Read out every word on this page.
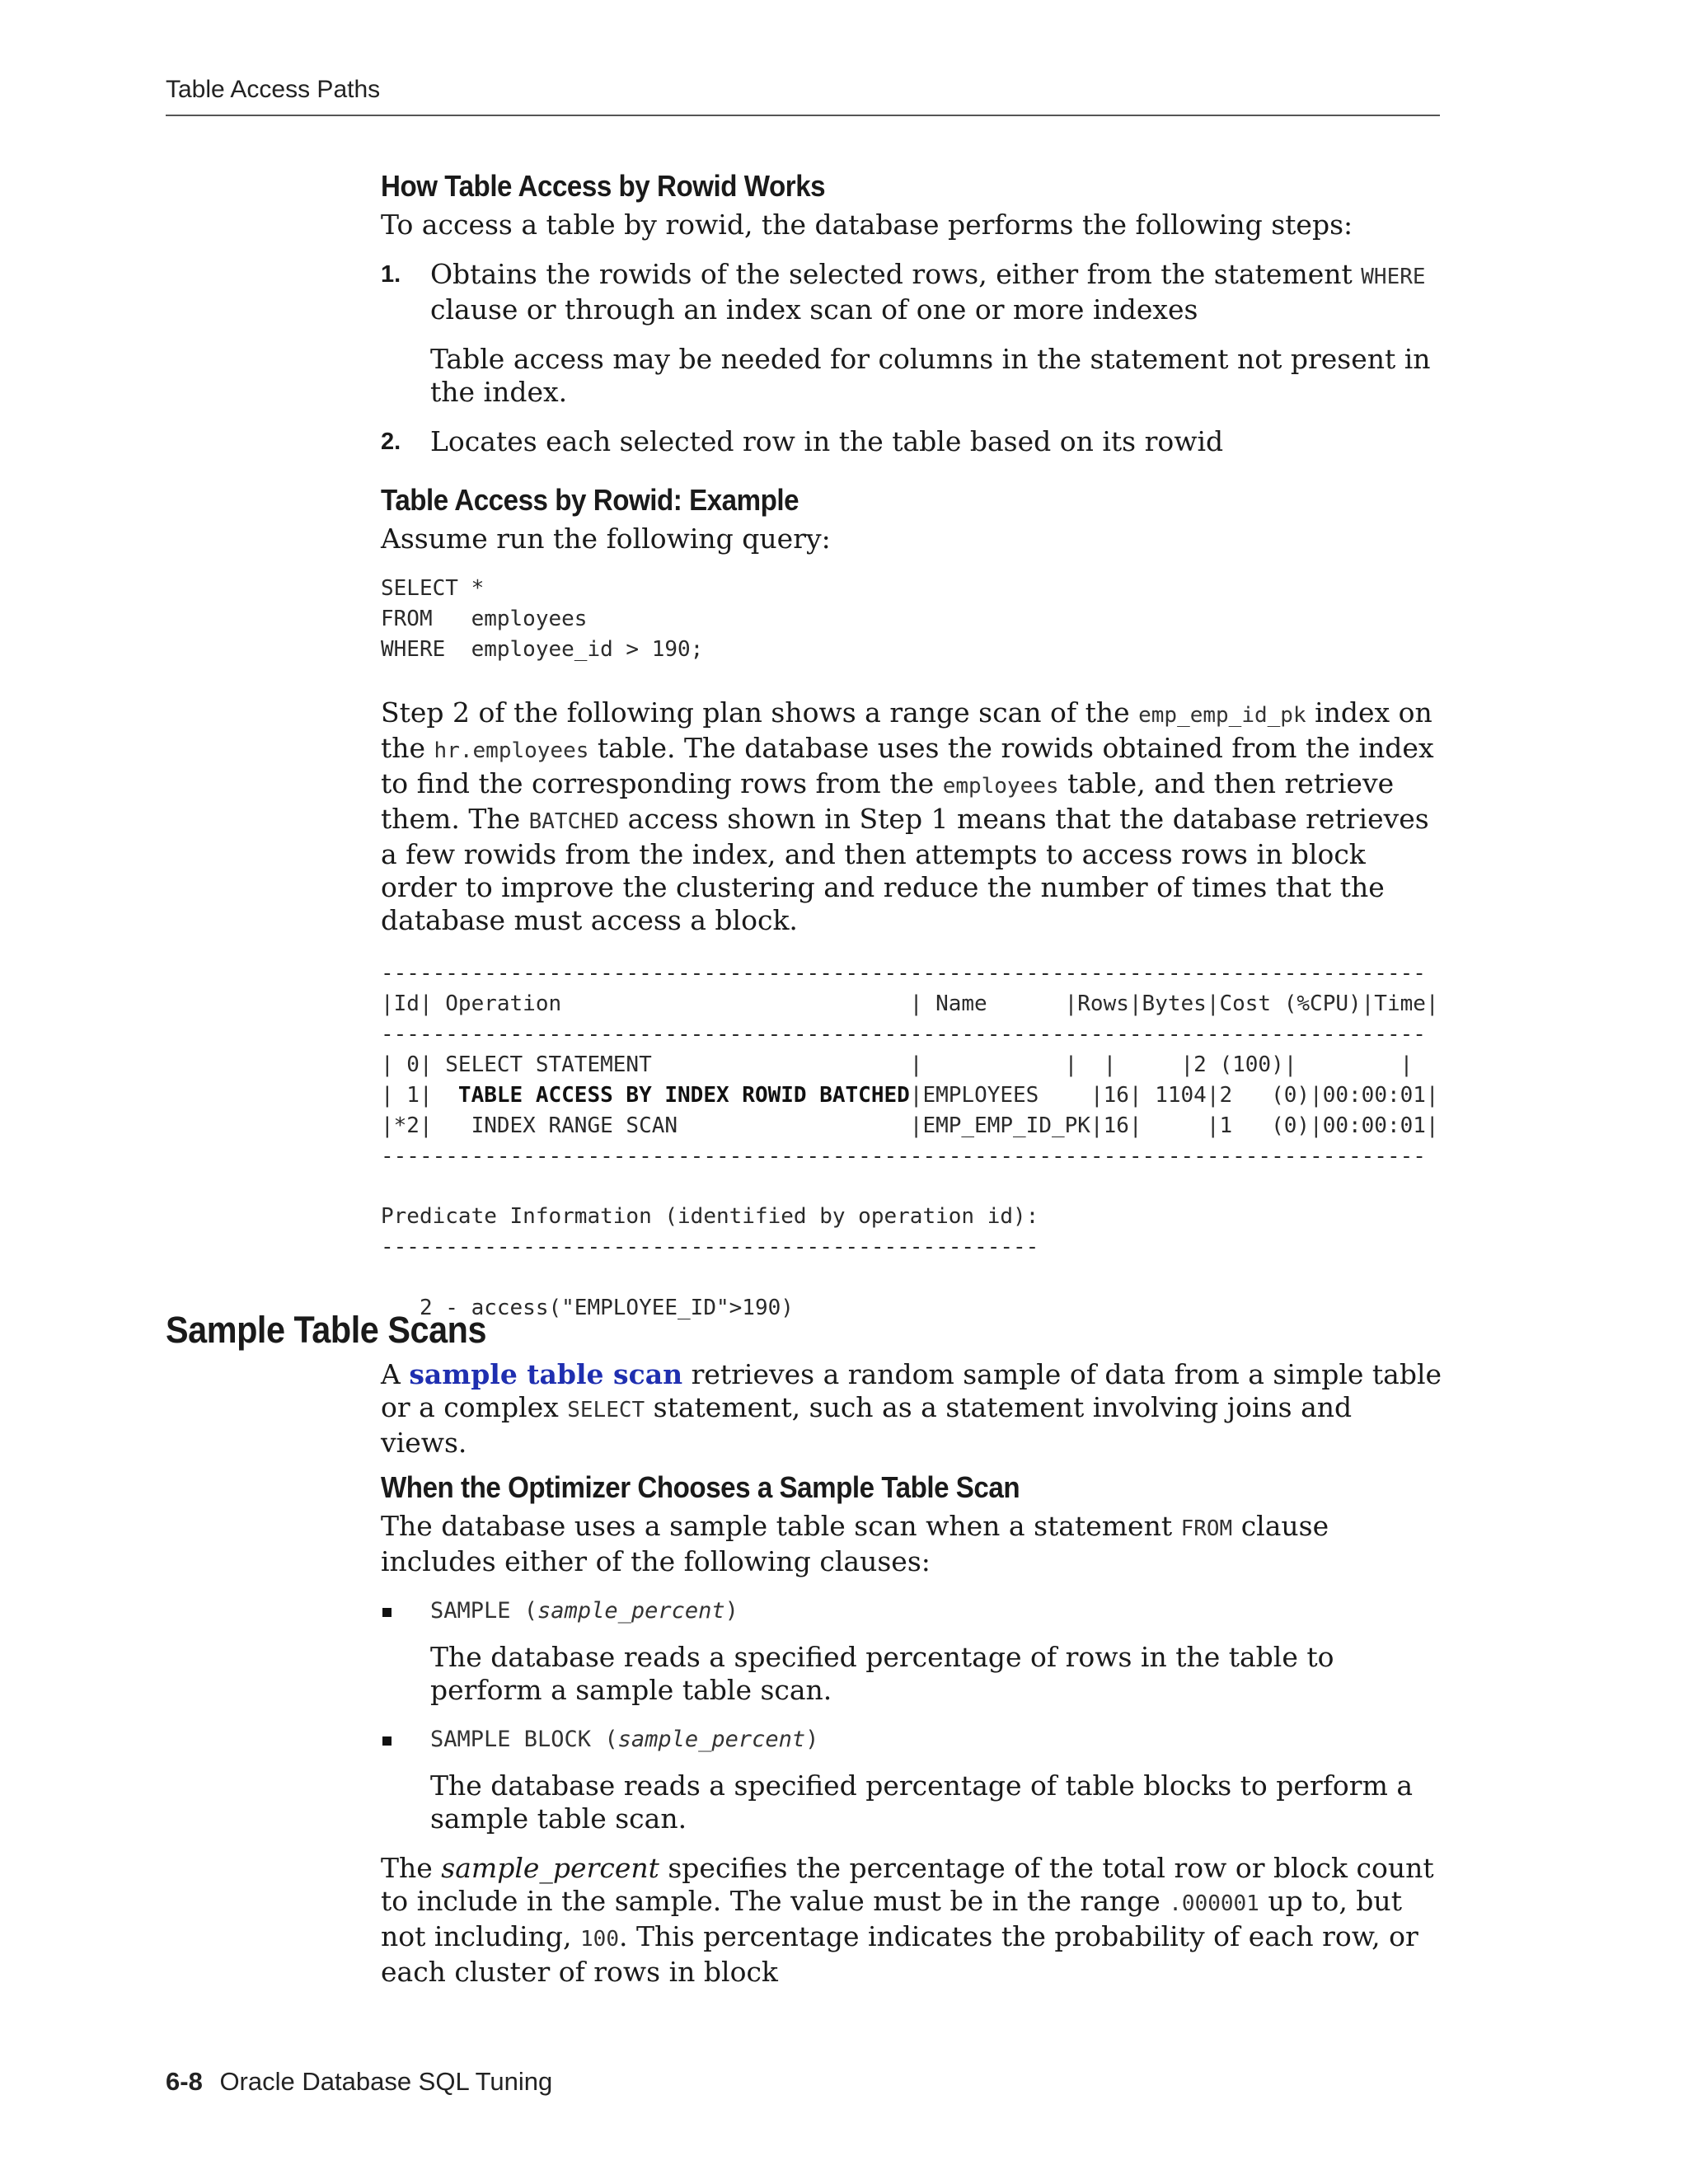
Table Access Paths
How Table Access by Rowid Works

To access a table by rowid, the database performs the following steps:

1. Obtains the rowids of the selected rows, either from the statement WHERE clause or through an index scan of one or more indexes
Table access may be needed for columns in the statement not present in the index.
2. Locates each selected row in the table based on its rowid
Table Access by Rowid: Example

Assume run the following query:

SELECT *
FROM   employees
WHERE  employee_id > 190;

Step 2 of the following plan shows a range scan of the emp_emp_id_pk index on the hr.employees table. The database uses the rowids obtained from the index to find the corresponding rows from the employees table, and then retrieve them. The BATCHED access shown in Step 1 means that the database retrieves a few rowids from the index, and then attempts to access rows in block order to improve the clustering and reduce the number of times that the database must access a block.

---------------------------------------------------------------------------------
|Id| Operation                           | Name      |Rows|Bytes|Cost (%CPU)|Time|
---------------------------------------------------------------------------------
| 0| SELECT STATEMENT                    |           |  |     |2 (100)|        |
| 1|  TABLE ACCESS BY INDEX ROWID BATCHED|EMPLOYEES    |16| 1104|2   (0)|00:00:01|
|*2|   INDEX RANGE SCAN                  |EMP_EMP_ID_PK|16|     |1   (0)|00:00:01|
---------------------------------------------------------------------------------
Predicate Information (identified by operation id):
---------------------------------------------------
2 - access("EMPLOYEE_ID">190)
Sample Table Scans

A sample table scan retrieves a random sample of data from a simple table or a complex SELECT statement, such as a statement involving joins and views.

When the Optimizer Chooses a Sample Table Scan

The database uses a sample table scan when a statement FROM clause includes either of the following clauses:

SAMPLE (sample_percent)
The database reads a specified percentage of rows in the table to perform a sample table scan.
SAMPLE BLOCK (sample_percent)
The database reads a specified percentage of table blocks to perform a sample table scan.

The sample_percent specifies the percentage of the total row or block count to include in the sample. The value must be in the range .000001 up to, but not including, 100. This percentage indicates the probability of each row, or each cluster of rows in block

6-8 Oracle Database SQL Tuning
